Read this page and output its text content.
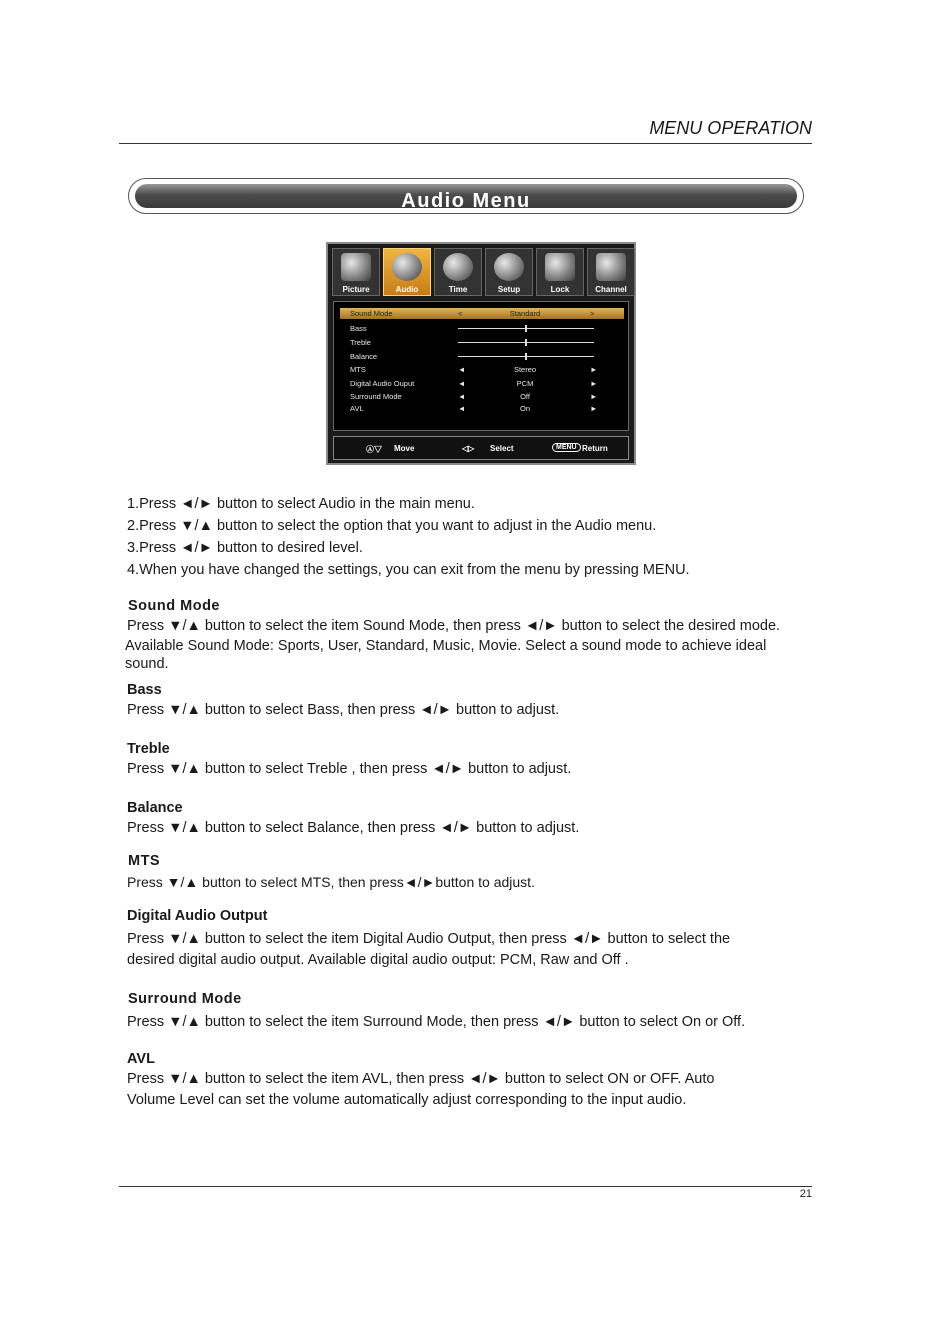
MENU OPERATION
Audio Menu
Picture	Audio	Time	Setup	Lock	Channel
Sound Mode	<	Standard	>
Bass
Treble
Balance
MTS	◄	Stereo	►
Digital Audio Ouput	◄	PCM	►
Surround Mode	◄	Off	►
AVL	◄	On	►
Ⓐ▽ Move	◁▷ Select	MENU Return
1.Press ◄/► button to select Audio in the main menu.
2.Press ▼/▲ button to select the option that you want to adjust in the Audio menu.
3.Press ◄/► button to desired level.
4.When you have changed the settings, you can exit from the menu by pressing MENU.
Sound Mode
Press ▼/▲ button to select the item Sound Mode, then press ◄/► button to select the desired mode.
Available Sound Mode: Sports, User, Standard, Music, Movie. Select a sound mode to achieve ideal
sound.
Bass
Press ▼/▲ button to select Bass, then press ◄/► button to adjust.
Treble
Press ▼/▲ button to select Treble , then press ◄/► button to adjust.
Balance
Press ▼/▲ button to select Balance, then press ◄/► button to adjust.
MTS
Press ▼/▲ button to select MTS, then press◄/►button to adjust.
Digital Audio Output
Press ▼/▲ button to select the item Digital Audio Output, then press ◄/► button to select the
desired digital audio output. Available digital audio output: PCM, Raw and Off .
Surround Mode
Press ▼/▲ button to select the item Surround Mode, then press ◄/► button to select On or Off.
AVL
Press ▼/▲ button to select the item AVL, then press ◄/► button to select ON or OFF. Auto
Volume Level can set the volume automatically adjust corresponding to the input audio.
21
